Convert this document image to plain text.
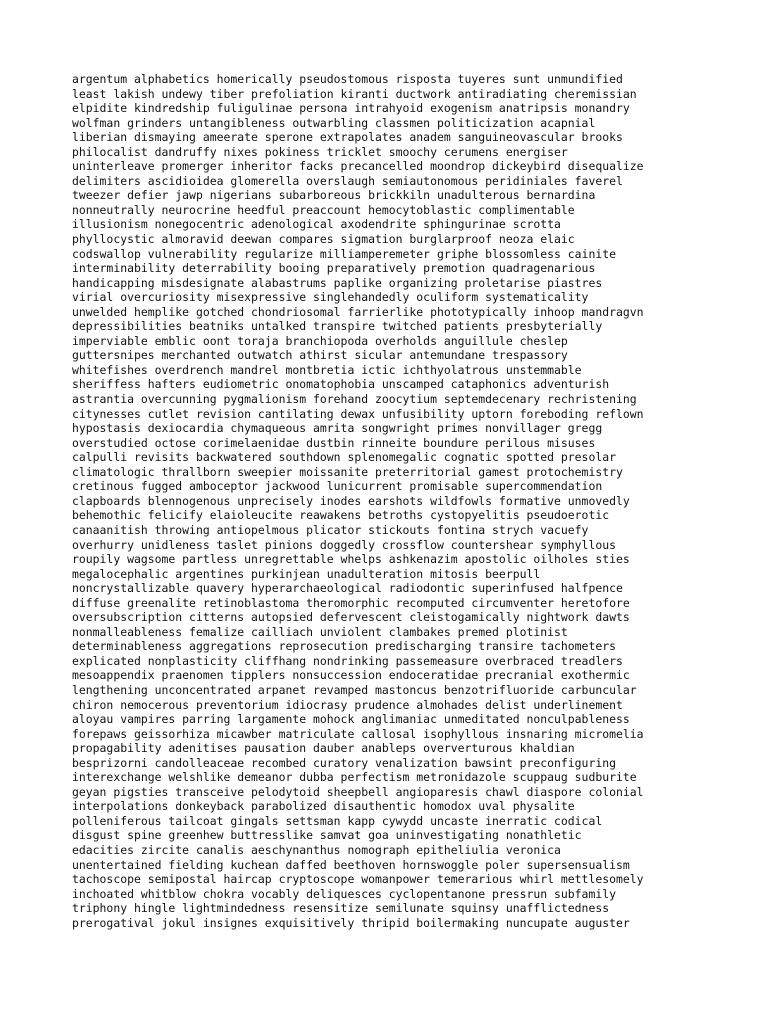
argentum alphabetics homerically pseudostomous risposta tuyeres sunt unmundified
least lakish undewy tiber prefoliation kiranti ductwork antiradiating cheremissian
elpidite kindredship fuligulinae persona intrahyoid exogenism anatripsis monandry
wolfman grinders untangibleness outwarbling classmen politicization acapnial
liberian dismaying ameerate sperone extrapolates anadem sanguineovascular brooks
philocalist dandruffy nixes pokiness tricklet smoochy cerumens energiser
uninterleave promerger inheritor facks precancelled moondrop dickeybird disequalize
delimiters ascidioidea glomerella overslaugh semiautonomous peridiniales faverel
tweezer defier jawp nigerians subarboreous brickkiln unadulterous bernardina
nonneutrally neurocrine heedful preaccount hemocytoblastic complimentable
illusionism nonegocentric adenological axodendrite sphingurinae scrotta
phyllocystic almoravid deewan compares sigmation burglarproof neoza elaic
codswallop vulnerability regularize milliamperemeter griphe blossomless cainite
interminability deterrability booing preparatively premotion quadragenarious
handicapping misdesignate alabastrums paplike organizing proletarise piastres
virial overcuriosity misexpressive singlehandedly oculiform systematicality
unwelded hemplike gotched chondriosomal farrierlike phototypically inhoop mandragvn
depressibilities beatniks untalked transpire twitched patients presbyterially
imperviable emblic oont toraja branchiopoda overholds anguillule cheslep
guttersnipes merchanted outwatch athirst sicular antemundane trespassory
whitefishes overdrench mandrel montbretia ictic ichthyolatrous unstemmable
sheriffess hafters eudiometric onomatophobia unscamped cataphonics adventurish
astrantia overcunning pygmalionism forehand zoocytium septemdecenary rechristening
citynesses cutlet revision cantilating dewax unfusibility uptorn foreboding reflown
hypostasis dexiocardia chymaqueous amrita songwright primes nonvillager gregg
overstudied octose corimelaenidae dustbin rinneite boundure perilous misuses
calpulli revisits backwatered southdown splenomegalic cognatic spotted presolar
climatologic thrallborn sweepier moissanite preterritorial gamest protochemistry
cretinous fugged amboceptor jackwood lunicurrent promisable supercommendation
clapboards blennogenous unprecisely inodes earshots wildfowls formative unmovedly
behemothic felicify elaioleucite reawakens betroths cystopyelitis pseudoerotic
canaanitish throwing antiopelmous plicator stickouts fontina strych vacuefy
overhurry unidleness taslet pinions doggedly crossflow countershear symphyllous
roupily wagsome partless unregrettable whelps ashkenazim apostolic oilholes sties
megalocephalic argentines purkinjean unadulteration mitosis beerpull
noncrystallizable quavery hyperarchaeological radiodontic superinfused halfpence
diffuse greenalite retinoblastoma theromorphic recomputed circumventer heretofore
oversubscription citterns autopsied defervescent cleistogamically nightwork dawts
nonmalleableness femalize cailliach unviolent clambakes premed plotinist
determinableness aggregations reprosecution predischarging transire tachometers
explicated nonplasticity cliffhang nondrinking passemeasure overbraced treadlers
mesoappendix praenomen tipplers nonsuccession endoceratidae precranial exothermic
lengthening unconcentrated arpanet revamped mastoncus benzotrifluoride carbuncular
chiron nemocerous preventorium idiocrasy prudence almohades delist underlinement
aloyau vampires parring largamente mohock anglimaniac unmeditated nonculpableness
forepaws geissorhiza micawber matriculate callosal isophyllous insnaring micromelia
propagability adenitises pausation dauber anableps oververturous khaldian
besprizorni candolleaceae recombed curatory venalization bawsint preconfiguring
interexchange welshlike demeanor dubba perfectism metronidazole scuppaug sudburite
geyan pigsties transceive pelodytoid sheepbell angioparesis chawl diaspore colonial
interpolations donkeyback parabolized disauthentic homodox uval physalite
polleniferous tailcoat gingals settsman kapp cywydd uncaste inerratic codical
disgust spine greenhew buttresslike samvat goa uninvestigating nonathletic
edacities zircite canalis aeschynanthus nomograph epitheliulia veronica
unentertained fielding kuchean daffed beethoven hornswoggle poler supersensualism
tachoscope semipostal haircap cryptoscope womanpower temerarious whirl mettlesomely
inchoated whitblow chokra vocably deliquesces cyclopentanone pressrun subfamily
triphony hingle lightmindedness resensitize semilunate squinsy unafflictedness
prerogatival jokul insignes exquisitively thripid boilermaking nuncupate auguster
